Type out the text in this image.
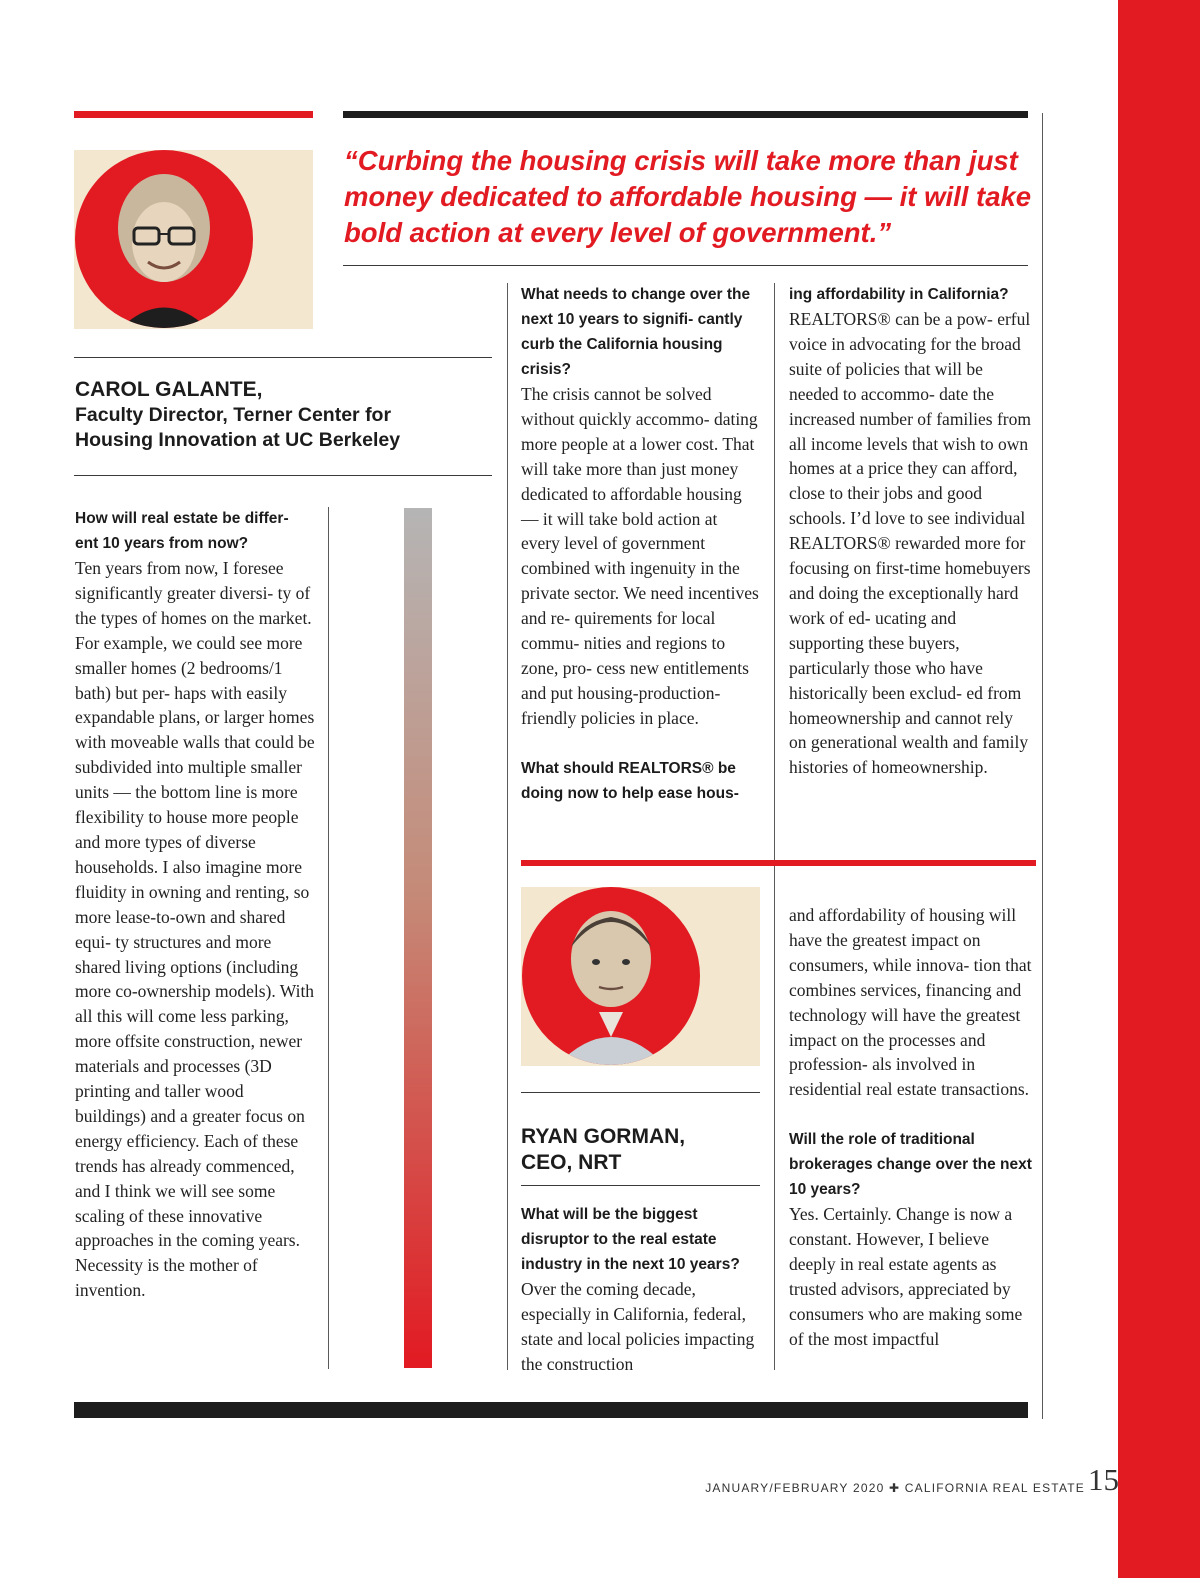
“Curbing the housing crisis will take more than just money dedicated to affordable housing — it will take bold action at every level of government.”
CAROL GALANTE,
Faculty Director, Terner Center for
Housing Innovation at UC Berkeley

How will real estate be differ- ent 10 years from now?

Ten years from now, I foresee significantly greater diversi- ty of the types of homes on the market. For example, we could see more smaller homes (2 bedrooms/1 bath) but per- haps with easily expandable plans, or larger homes with moveable walls that could be subdivided into multiple smaller units — the bottom line is more flexibility to house more people and more types of diverse households. I also imagine more fluidity in owning and renting, so more lease-to-own and shared equi- ty structures and more shared living options (including more co-ownership models). With all this will come less parking, more offsite construction, newer materials and processes (3D printing and taller wood buildings) and a greater focus on energy efficiency. Each of these trends has already commenced, and I think we will see some scaling of these innovative approaches in the coming years. Necessity is the mother of invention.

What needs to change over the next 10 years to signifi- cantly curb the California housing crisis?

The crisis cannot be solved without quickly accommo- dating more people at a lower cost. That will take more than just money dedicated to affordable housing — it will take bold action at every level of government combined with ingenuity in the private sector. We need incentives and re- quirements for local commu- nities and regions to zone, pro- cess new entitlements and put housing-production-friendly policies in place.

What should REALTORS® be doing now to help ease hous-

ing affordability in California?

REALTORS® can be a pow- erful voice in advocating for the broad suite of policies that will be needed to accommo- date the increased number of families from all income levels that wish to own homes at a price they can afford, close to their jobs and good schools. I’d love to see individual REALTORS® rewarded more for focusing on first-time homebuyers and doing the exceptionally hard work of ed- ucating and supporting these buyers, particularly those who have historically been exclud- ed from homeownership and cannot rely on generational wealth and family histories of homeownership.

RYAN GORMAN,
CEO, NRT

What will be the biggest disruptor to the real estate industry in the next 10 years?

Over the coming decade, especially in California, federal, state and local policies impacting the construction

and affordability of housing will have the greatest impact on consumers, while innova- tion that combines services, financing and technology will have the greatest impact on the processes and profession- als involved in residential real estate transactions.

Will the role of traditional brokerages change over the next 10 years?

Yes. Certainly. Change is now a constant. However, I believe deeply in real estate agents as trusted advisors, appreciated by consumers who are making some of the most impactful

JANUARY/FEBRUARY 2020 ✚ CALIFORNIA REAL ESTATE 15
